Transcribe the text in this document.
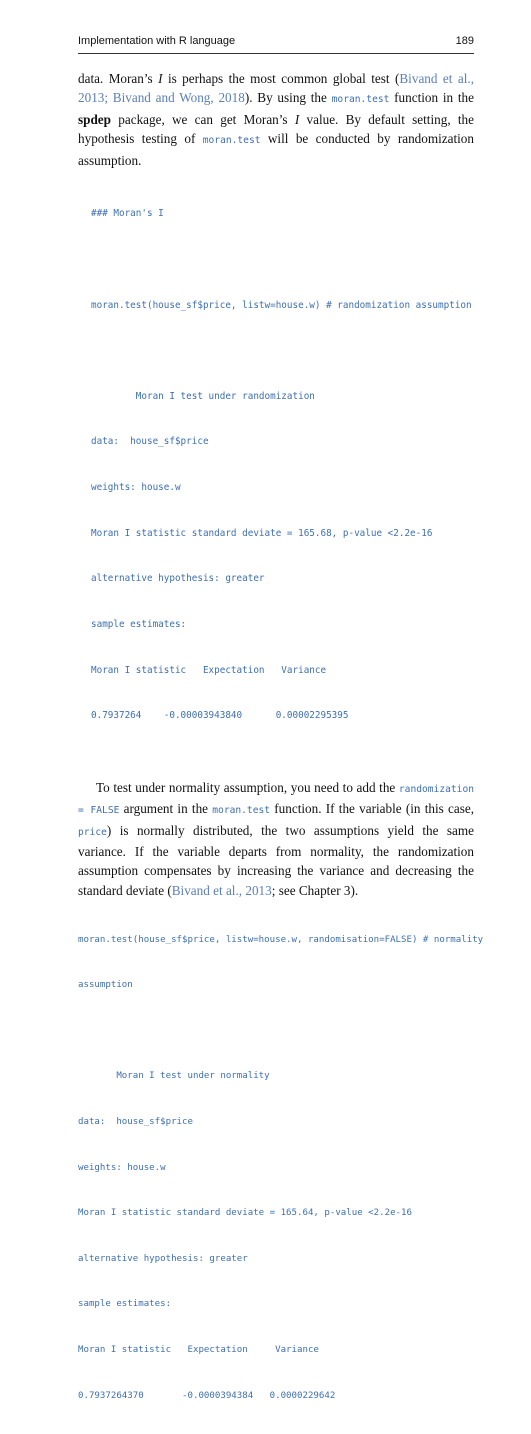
Implementation with R language	189

data. Moran’s I is perhaps the most common global test (Bivand et al., 2013; Bivand and Wong, 2018). By using the moran.test function in the spdep package, we can get Moran’s I value. By default setting, the hypothesis testing of moran.test will be conducted by randomization assumption.

### Moran's I

moran.test(house_sf$price, listw=house.w) # randomization assumption

Moran I test under randomization

data:  house_sf$price

weights: house.w

Moran I statistic standard deviate = 165.68, p-value <2.2e-16

alternative hypothesis: greater

sample estimates:

Moran I statistic   Expectation   Variance

0.7937264    -0.00003943840      0.00002295395

To test under normality assumption, you need to add the randomization = FALSE argument in the moran.test function. If the variable (in this case, price) is normally distributed, the two assumptions yield the same variance. If the variable departs from normality, the randomization assumption compensates by increasing the variance and decreasing the standard deviate (Bivand et al., 2013; see Chapter 3).

moran.test(house_sf$price, listw=house.w, randomisation=FALSE) # normality

assumption

Moran I test under normality

data:  house_sf$price

weights: house.w

Moran I statistic standard deviate = 165.64, p-value <2.2e-16

alternative hypothesis: greater

sample estimates:

Moran I statistic   Expectation     Variance

0.7937264370       -0.0000394384   0.0000229642
